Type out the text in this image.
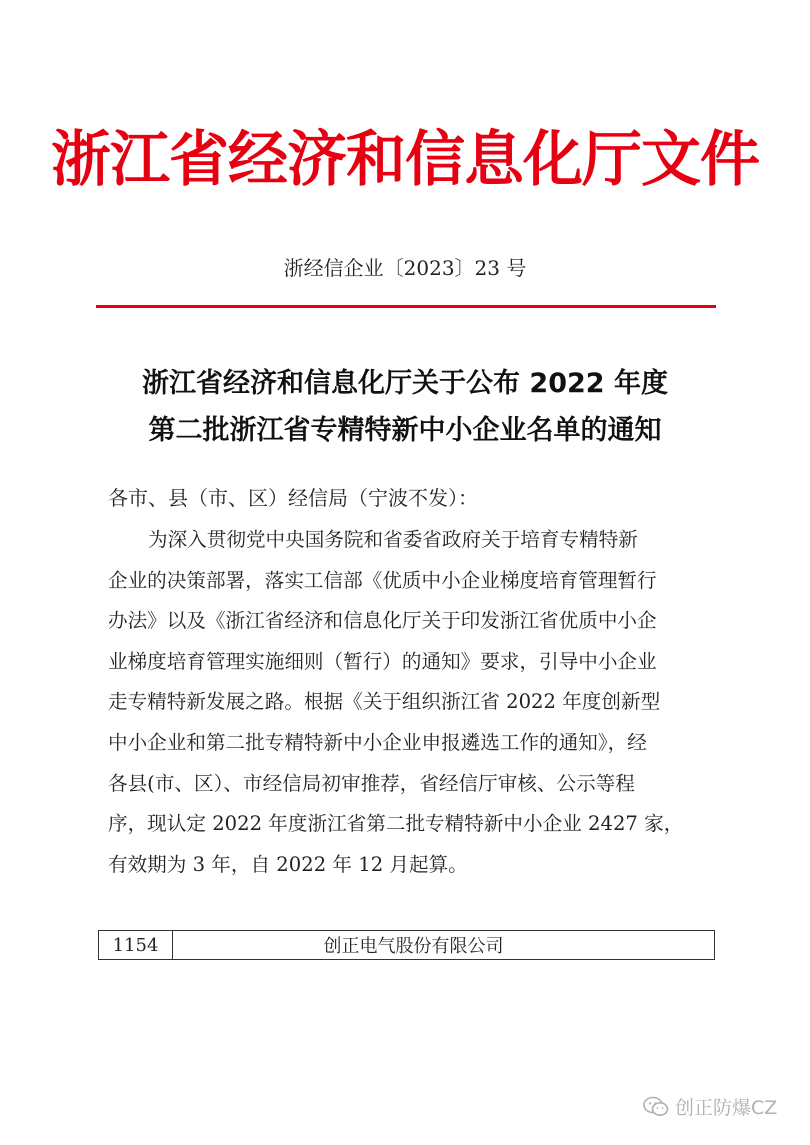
浙江省经济和信息化厅文件
浙经信企业〔2023〕23 号
浙江省经济和信息化厅关于公布 2022 年度
第二批浙江省专精特新中小企业名单的通知
各市、县（市、区）经信局（宁波不发）：
为深入贯彻党中央国务院和省委省政府关于培育专精特新
企业的决策部署，落实工信部《优质中小企业梯度培育管理暂行
办法》以及《浙江省经济和信息化厅关于印发浙江省优质中小企
业梯度培育管理实施细则（暂行）的通知》要求，引导中小企业
走专精特新发展之路。根据《关于组织浙江省 2022 年度创新型
中小企业和第二批专精特新中小企业申报遴选工作的通知》，经
各县(市、区）、市经信局初审推荐，省经信厅审核、公示等程
序，现认定 2022 年度浙江省第二批专精特新中小企业 2427 家，
有效期为 3 年，自 2022 年 12 月起算。
1154	创正电气股份有限公司
创正防爆CZ
